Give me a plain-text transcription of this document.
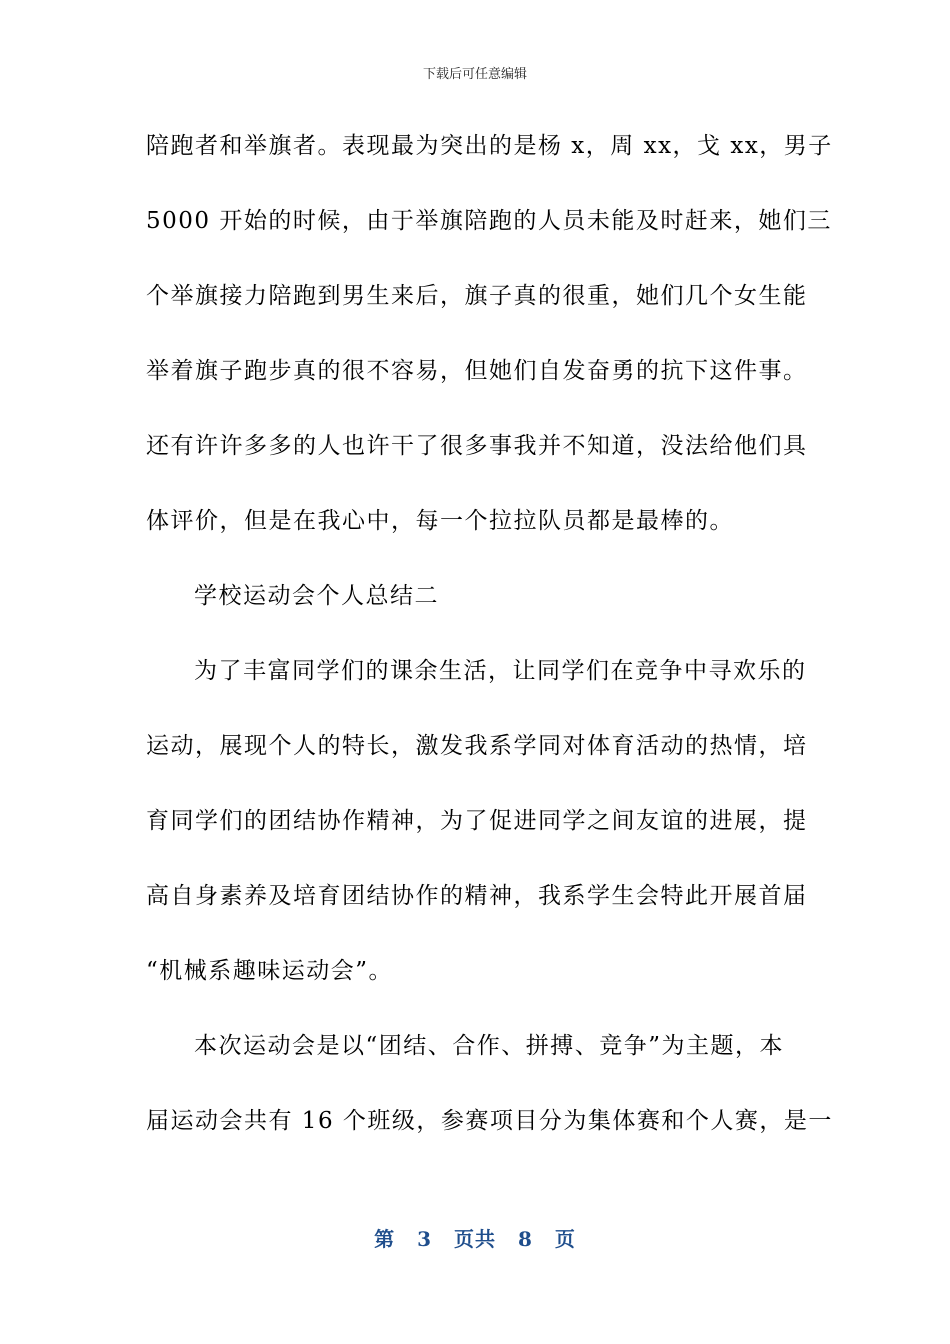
下载后可任意编辑
陪跑者和举旗者。表现最为突出的是杨 x，周 xx，戈 xx，男子
5000 开始的时候，由于举旗陪跑的人员未能及时赶来，她们三
个举旗接力陪跑到男生来后，旗子真的很重，她们几个女生能
举着旗子跑步真的很不容易，但她们自发奋勇的抗下这件事。
还有许许多多的人也许干了很多事我并不知道，没法给他们具
体评价，但是在我心中，每一个拉拉队员都是最棒的。
学校运动会个人总结二
为了丰富同学们的课余生活，让同学们在竞争中寻欢乐的
运动，展现个人的特长，激发我系学同对体育活动的热情，培
育同学们的团结协作精神，为了促进同学之间友谊的进展，提
高自身素养及培育团结协作的精神，我系学生会特此开展首届
“机械系趣味运动会”。
本次运动会是以“团结、合作、拼搏、竞争”为主题，本
届运动会共有 16 个班级，参赛项目分为集体赛和个人赛，是一
第 3 页共 8 页
